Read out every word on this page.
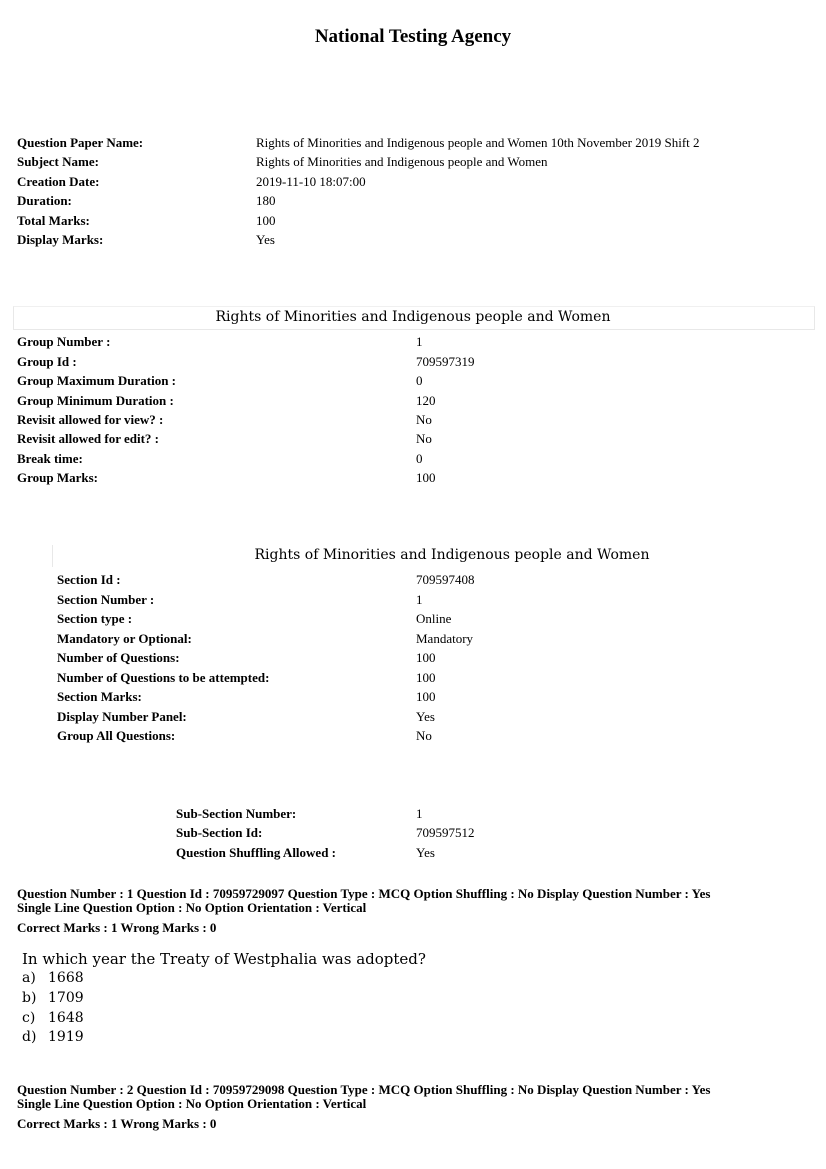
National Testing Agency
Question Paper Name:	Rights of Minorities and Indigenous people and Women 10th November 2019 Shift 2
Subject Name:	Rights of Minorities and Indigenous people and Women
Creation Date:	2019-11-10 18:07:00
Duration:	180
Total Marks:	100
Display Marks:	Yes
Rights of Minorities and Indigenous people and Women
Group Number :	1
Group Id :	709597319
Group Maximum Duration :	0
Group Minimum Duration :	120
Revisit allowed for view? :	No
Revisit allowed for edit? :	No
Break time:	0
Group Marks:	100
Rights of Minorities and Indigenous people and Women
Section Id :	709597408
Section Number :	1
Section type :	Online
Mandatory or Optional:	Mandatory
Number of Questions:	100
Number of Questions to be attempted:	100
Section Marks:	100
Display Number Panel:	Yes
Group All Questions:	No
Sub-Section Number:	1
Sub-Section Id:	709597512
Question Shuffling Allowed :	Yes
Question Number : 1 Question Id : 70959729097 Question Type : MCQ Option Shuffling : No Display Question Number : Yes
Single Line Question Option : No Option Orientation : Vertical
Correct Marks : 1 Wrong Marks : 0
In which year the Treaty of Westphalia was adopted?
a) 1668
b) 1709
c) 1648
d) 1919
Question Number : 2 Question Id : 70959729098 Question Type : MCQ Option Shuffling : No Display Question Number : Yes
Single Line Question Option : No Option Orientation : Vertical
Correct Marks : 1 Wrong Marks : 0
